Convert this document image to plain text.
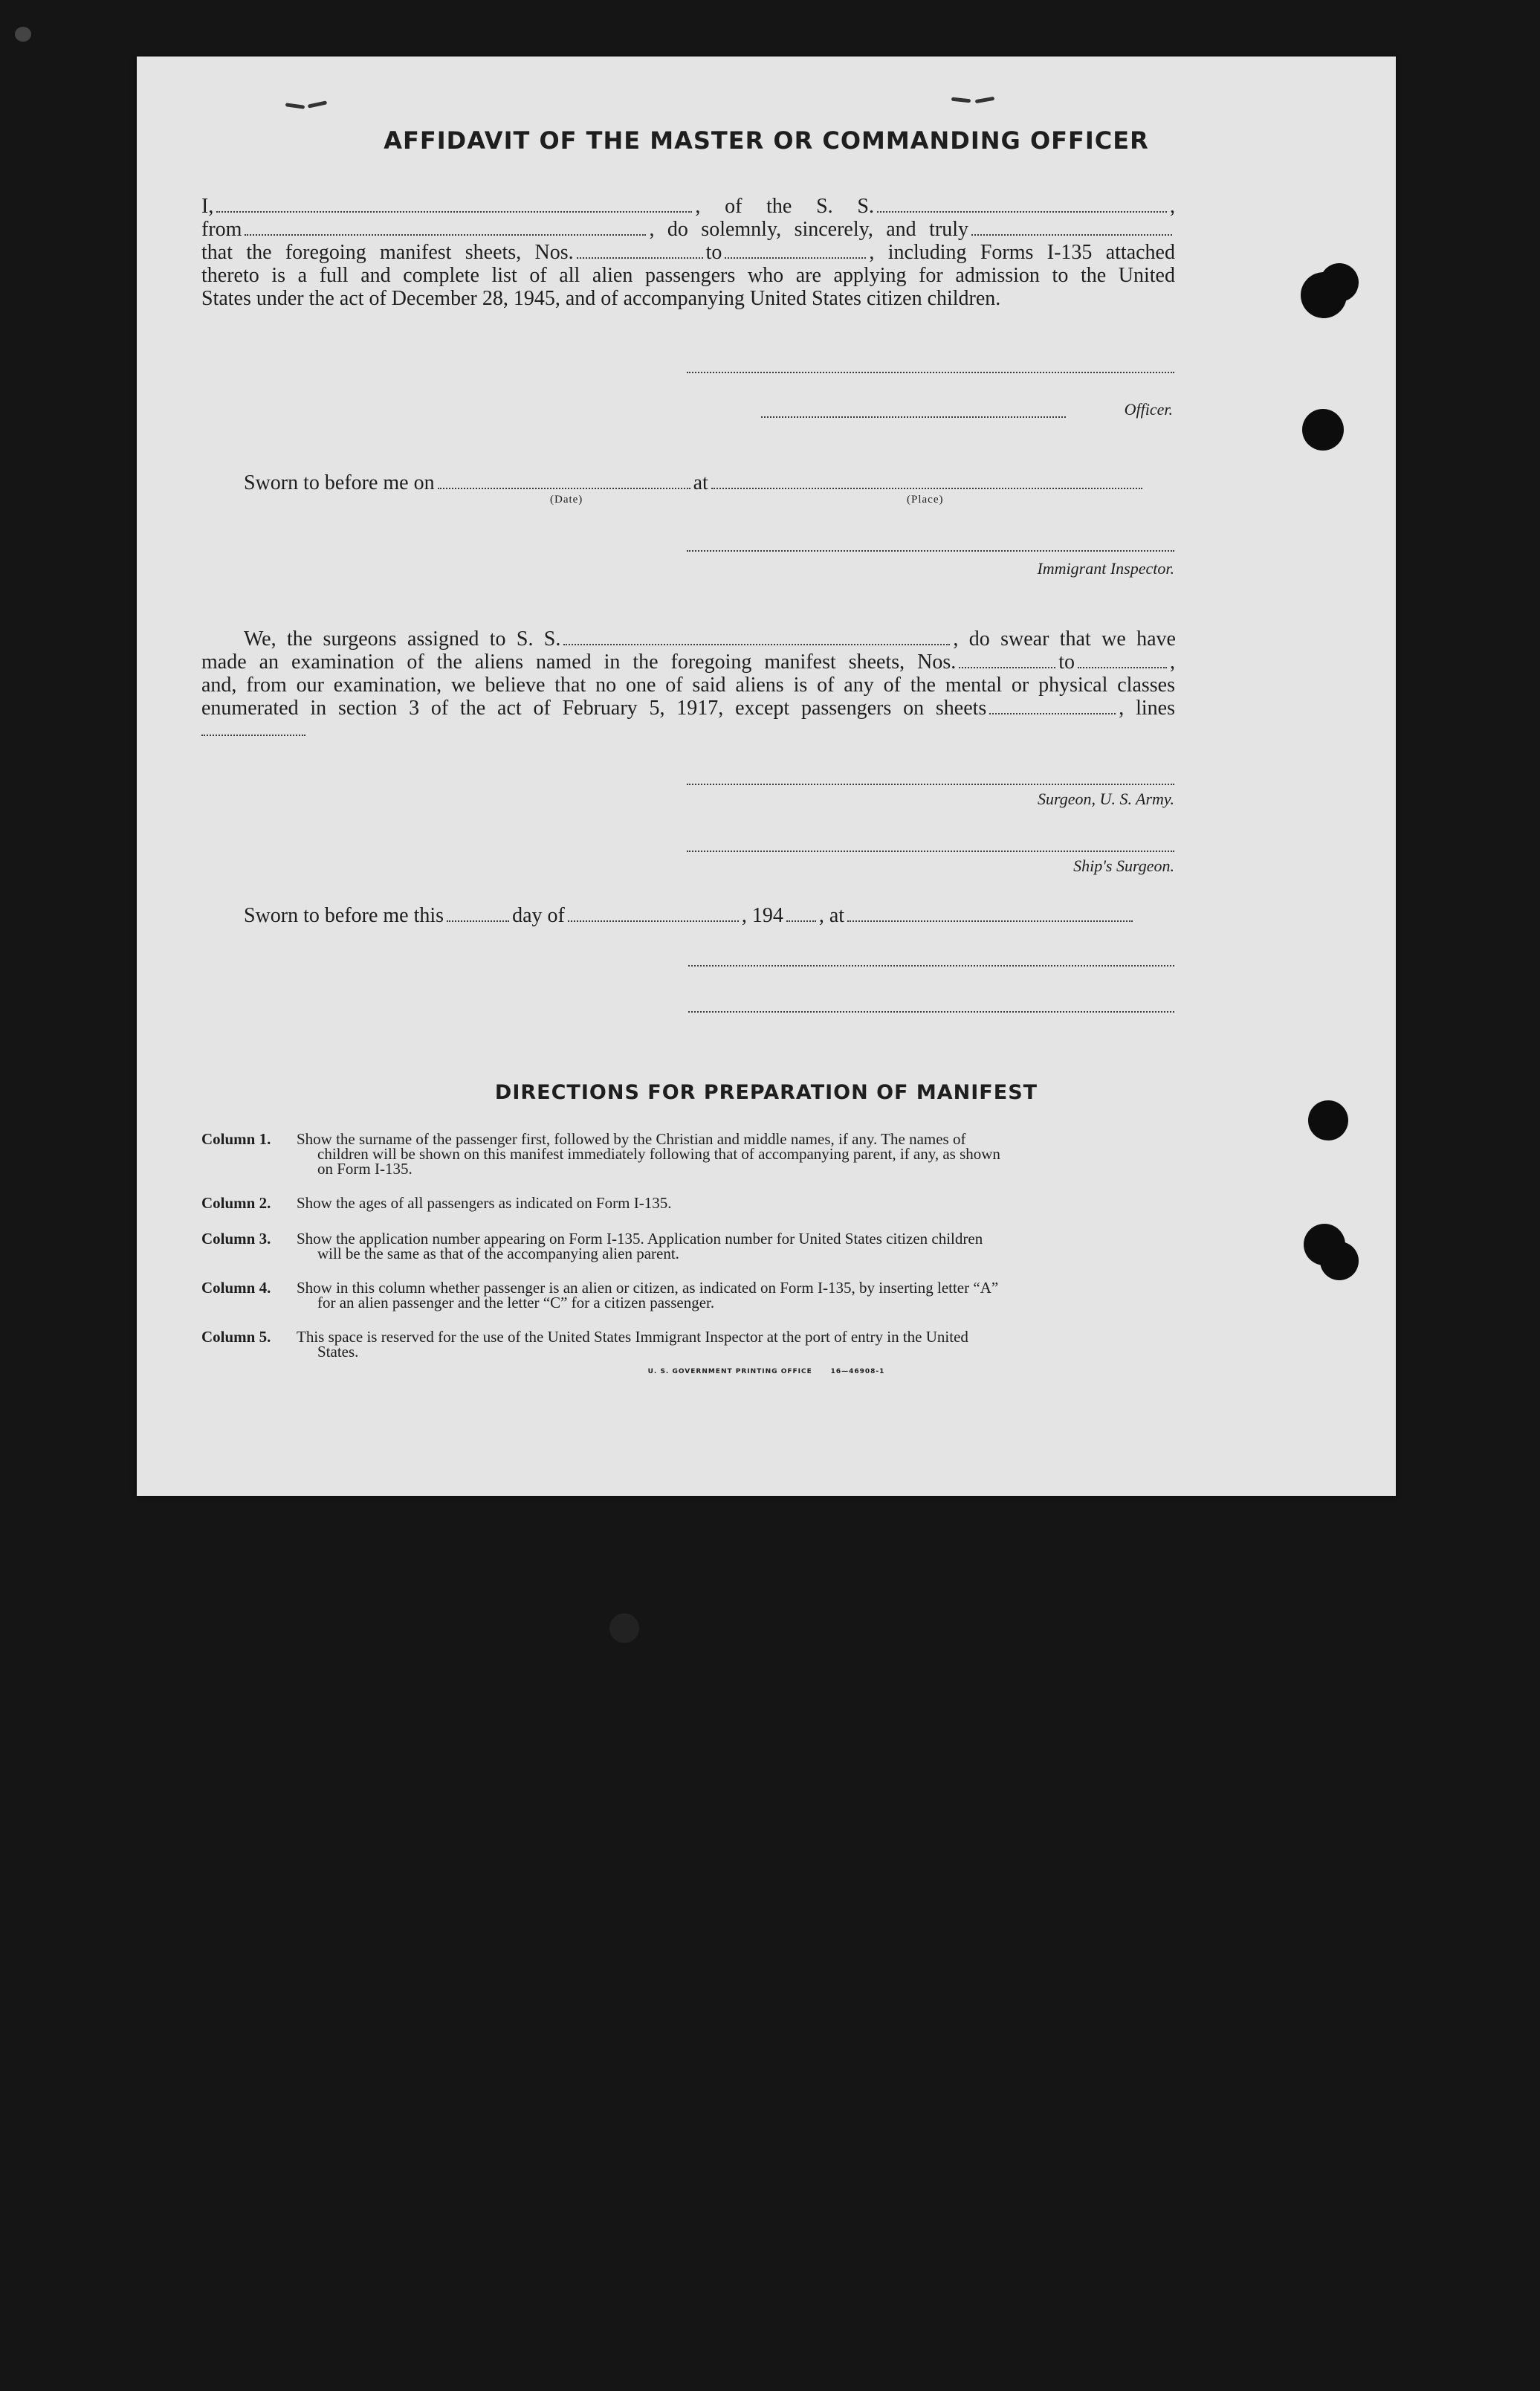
AFFIDAVIT OF THE MASTER OR COMMANDING OFFICER

I,	, of the S. S.	,

from	, do solemnly, sincerely, and truly

that the foregoing manifest sheets, Nos.	to	, including Forms I-135 attached

thereto is a full and complete list of all alien passengers who are applying for admission to the United

States under the act of December 28, 1945, and of accompanying United States citizen children.

Officer.

Sworn to before me on	at

(Date)	(Place)
Immigrant Inspector.

We, the surgeons assigned to S. S.	, do swear that we have

made an examination of the aliens named in the foregoing manifest sheets, Nos.	to	,

and, from our examination, we believe that no one of said aliens is of any of the mental or physical classes

enumerated in section 3 of the act of February 5, 1917, except passengers on sheets	, lines

Surgeon, U. S. Army.
Ship's Surgeon.

Sworn to before me this	day of	, 194 , at

DIRECTIONS FOR PREPARATION OF MANIFEST
Column 1.	Show the surname of the passenger first, followed by the Christian and middle names, if any. The names of
children will be shown on this manifest immediately following that of accompanying parent, if any, as shown
on Form I-135.
Column 2.	Show the ages of all passengers as indicated on Form I-135.
Column 3.	Show the application number appearing on Form I-135. Application number for United States citizen children
will be the same as that of the accompanying alien parent.
Column 4.	Show in this column whether passenger is an alien or citizen, as indicated on Form I-135, by inserting letter “A”
for an alien passenger and the letter “C” for a citizen passenger.
Column 5.	This space is reserved for the use of the United States Immigrant Inspector at the port of entry in the United
States.
U. S. GOVERNMENT PRINTING OFFICE	16—46908-1
